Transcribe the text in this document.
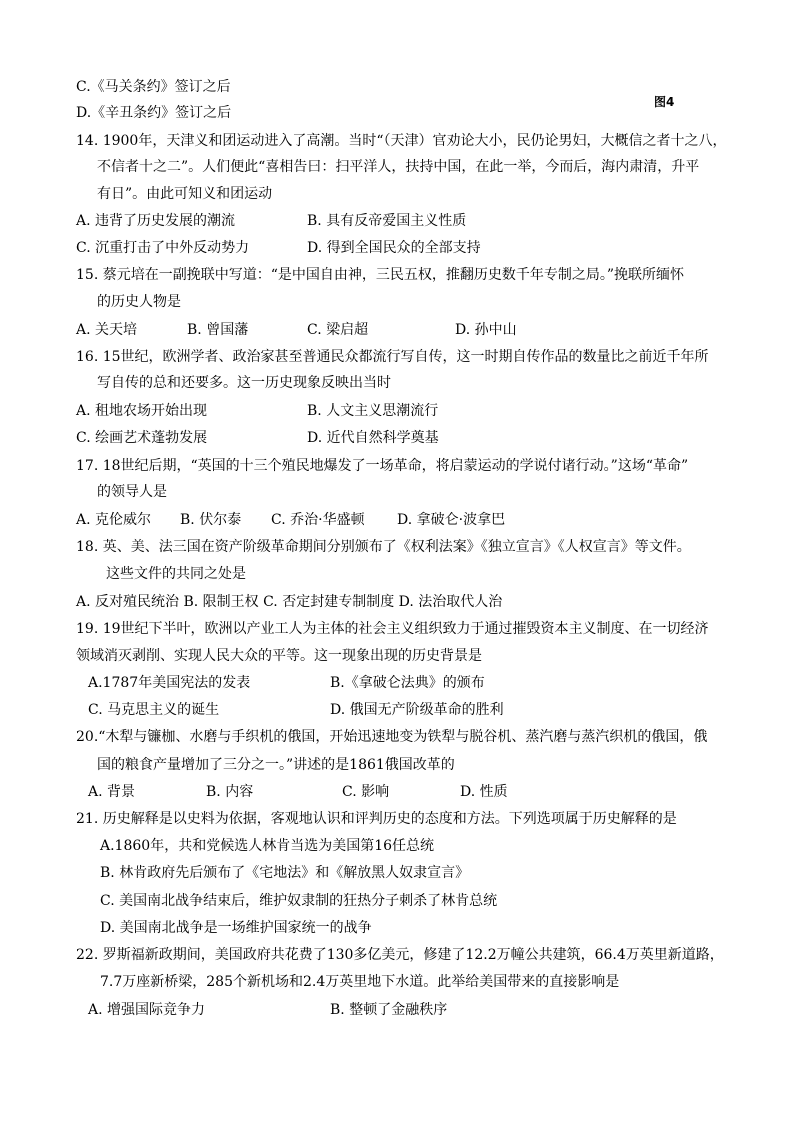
图4
C.《马关条约》签订之后
D.《辛丑条约》签订之后
14. 1900年，天津义和团运动进入了高潮。当时“（天津）官劝论大小，民仍论男妇，大概信之者十之八，
不信者十之二”。人们便此“喜相告曰：扫平洋人，扶持中国，在此一举，今而后，海内肃清，升平
有日”。由此可知义和团运动
A. 违背了历史发展的潮流	B. 具有反帝爱国主义性质
C. 沉重打击了中外反动势力	D. 得到全国民众的全部支持
15. 蔡元培在一副挽联中写道：“是中国自由神，三民五权，推翻历史数千年专制之局。”挽联所缅怀
的历史人物是
A. 关天培	B. 曾国藩	C. 梁启超	D. 孙中山
16. 15世纪，欧洲学者、政治家甚至普通民众都流行写自传，这一时期自传作品的数量比之前近千年所
写自传的总和还要多。这一历史现象反映出当时
A. 租地农场开始出现	B. 人文主义思潮流行
C. 绘画艺术蓬勃发展	D. 近代自然科学奠基
17. 18世纪后期，“英国的十三个殖民地爆发了一场革命，将启蒙运动的学说付诸行动。”这场“革命”
的领导人是
A. 克伦威尔 B. 伏尔泰 C. 乔治·华盛顿 D. 拿破仑·波拿巴
18. 英、美、法三国在资产阶级革命期间分别颁布了《权利法案》《独立宣言》《人权宣言》等文件。
这些文件的共同之处是
A. 反对殖民统治 B. 限制王权 C. 否定封建专制制度 D. 法治取代人治
19. 19世纪下半叶，欧洲以产业工人为主体的社会主义组织致力于通过摧毁资本主义制度、在一切经济
领域消灭剥削、实现人民大众的平等。这一现象出现的历史背景是
A.1787年美国宪法的发表	B.《拿破仑法典》的颁布
C. 马克思主义的诞生	D. 俄国无产阶级革命的胜利
20.“木犁与镰枷、水磨与手织机的俄国，开始迅速地变为铁犁与脱谷机、蒸汽磨与蒸汽织机的俄国，俄
国的粮食产量增加了三分之一。”讲述的是1861俄国改革的
A. 背景	B. 内容	C. 影响	D. 性质
21. 历史解释是以史料为依据，客观地认识和评判历史的态度和方法。下列选项属于历史解释的是
A.1860年，共和党候选人林肯当选为美国第16任总统
B. 林肯政府先后颁布了《宅地法》和《解放黑人奴隶宣言》
C. 美国南北战争结束后，维护奴隶制的狂热分子刺杀了林肯总统
D. 美国南北战争是一场维护国家统一的战争
22. 罗斯福新政期间，美国政府共花费了130多亿美元，修建了12.2万幢公共建筑，66.4万英里新道路，
7.7万座新桥梁，285个新机场和2.4万英里地下水道。此举给美国带来的直接影响是
A. 增强国际竞争力	B. 整顿了金融秩序
